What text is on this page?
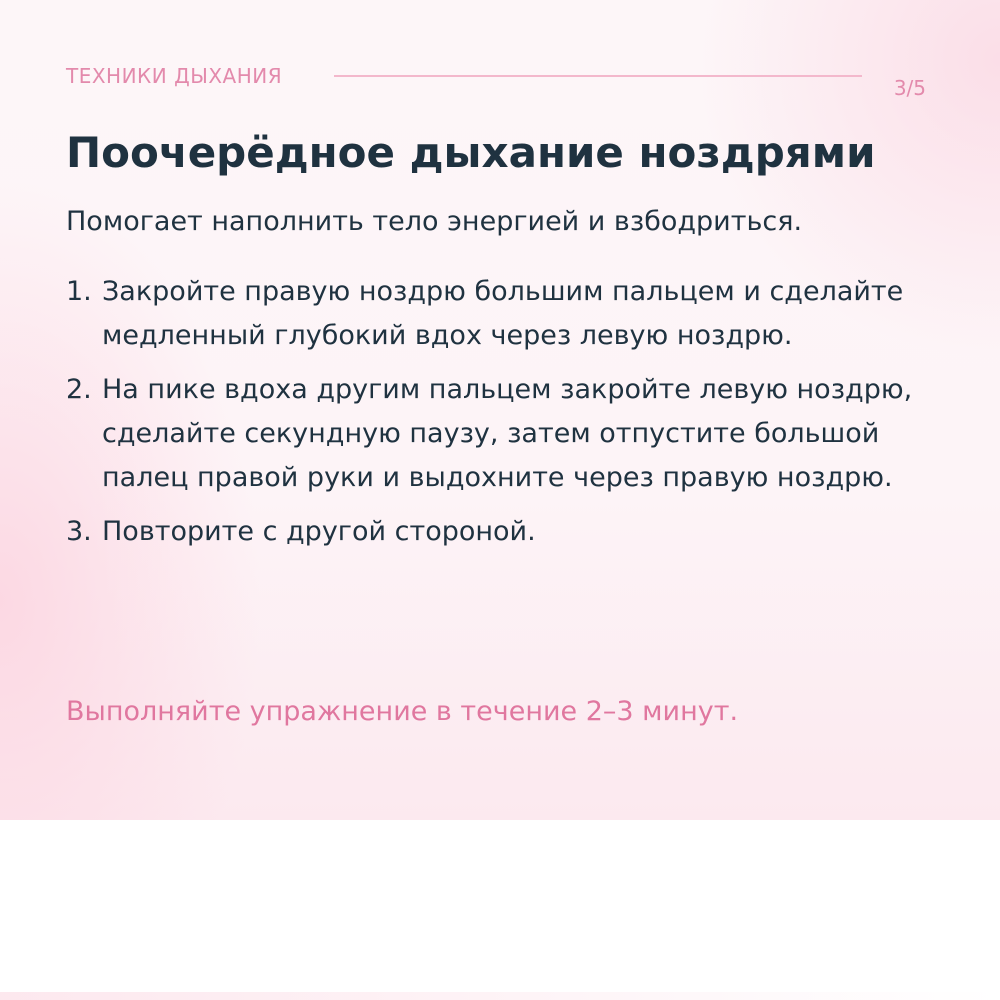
ТЕХНИКИ ДЫХАНИЯ	3/5
Поочерёдное дыхание ноздрями

Помогает наполнить тело энергией и взбодриться.

1. Закройте правую ноздрю большим пальцем и сделайте медленный глубокий вдох через левую ноздрю.
2. На пике вдоха другим пальцем закройте левую ноздрю, сделайте секундную паузу, затем отпустите большой палец правой руки и выдохните через правую ноздрю.
3. Повторите с другой стороной.

Выполняйте упражнение в течение 2–3 минут.
